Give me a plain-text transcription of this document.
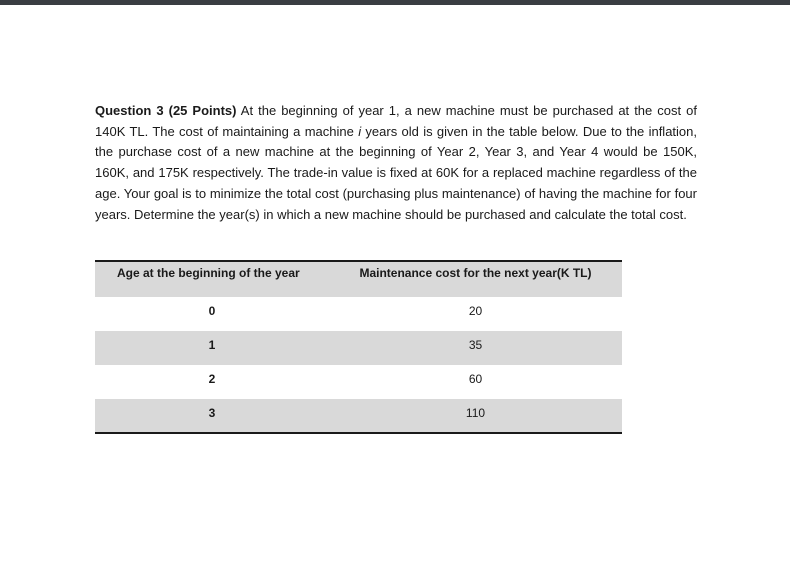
Question 3 (25 Points) At the beginning of year 1, a new machine must be purchased at the cost of 140K TL. The cost of maintaining a machine i years old is given in the table below. Due to the inflation, the purchase cost of a new machine at the beginning of Year 2, Year 3, and Year 4 would be 150K, 160K, and 175K respectively. The trade-in value is fixed at 60K for a replaced machine regardless of the age. Your goal is to minimize the total cost (purchasing plus maintenance) of having the machine for four years. Determine the year(s) in which a new machine should be purchased and calculate the total cost.

Age at the beginning of the year	Maintenance cost for the next year(K TL)
0	20
1	35
2	60
3	110
